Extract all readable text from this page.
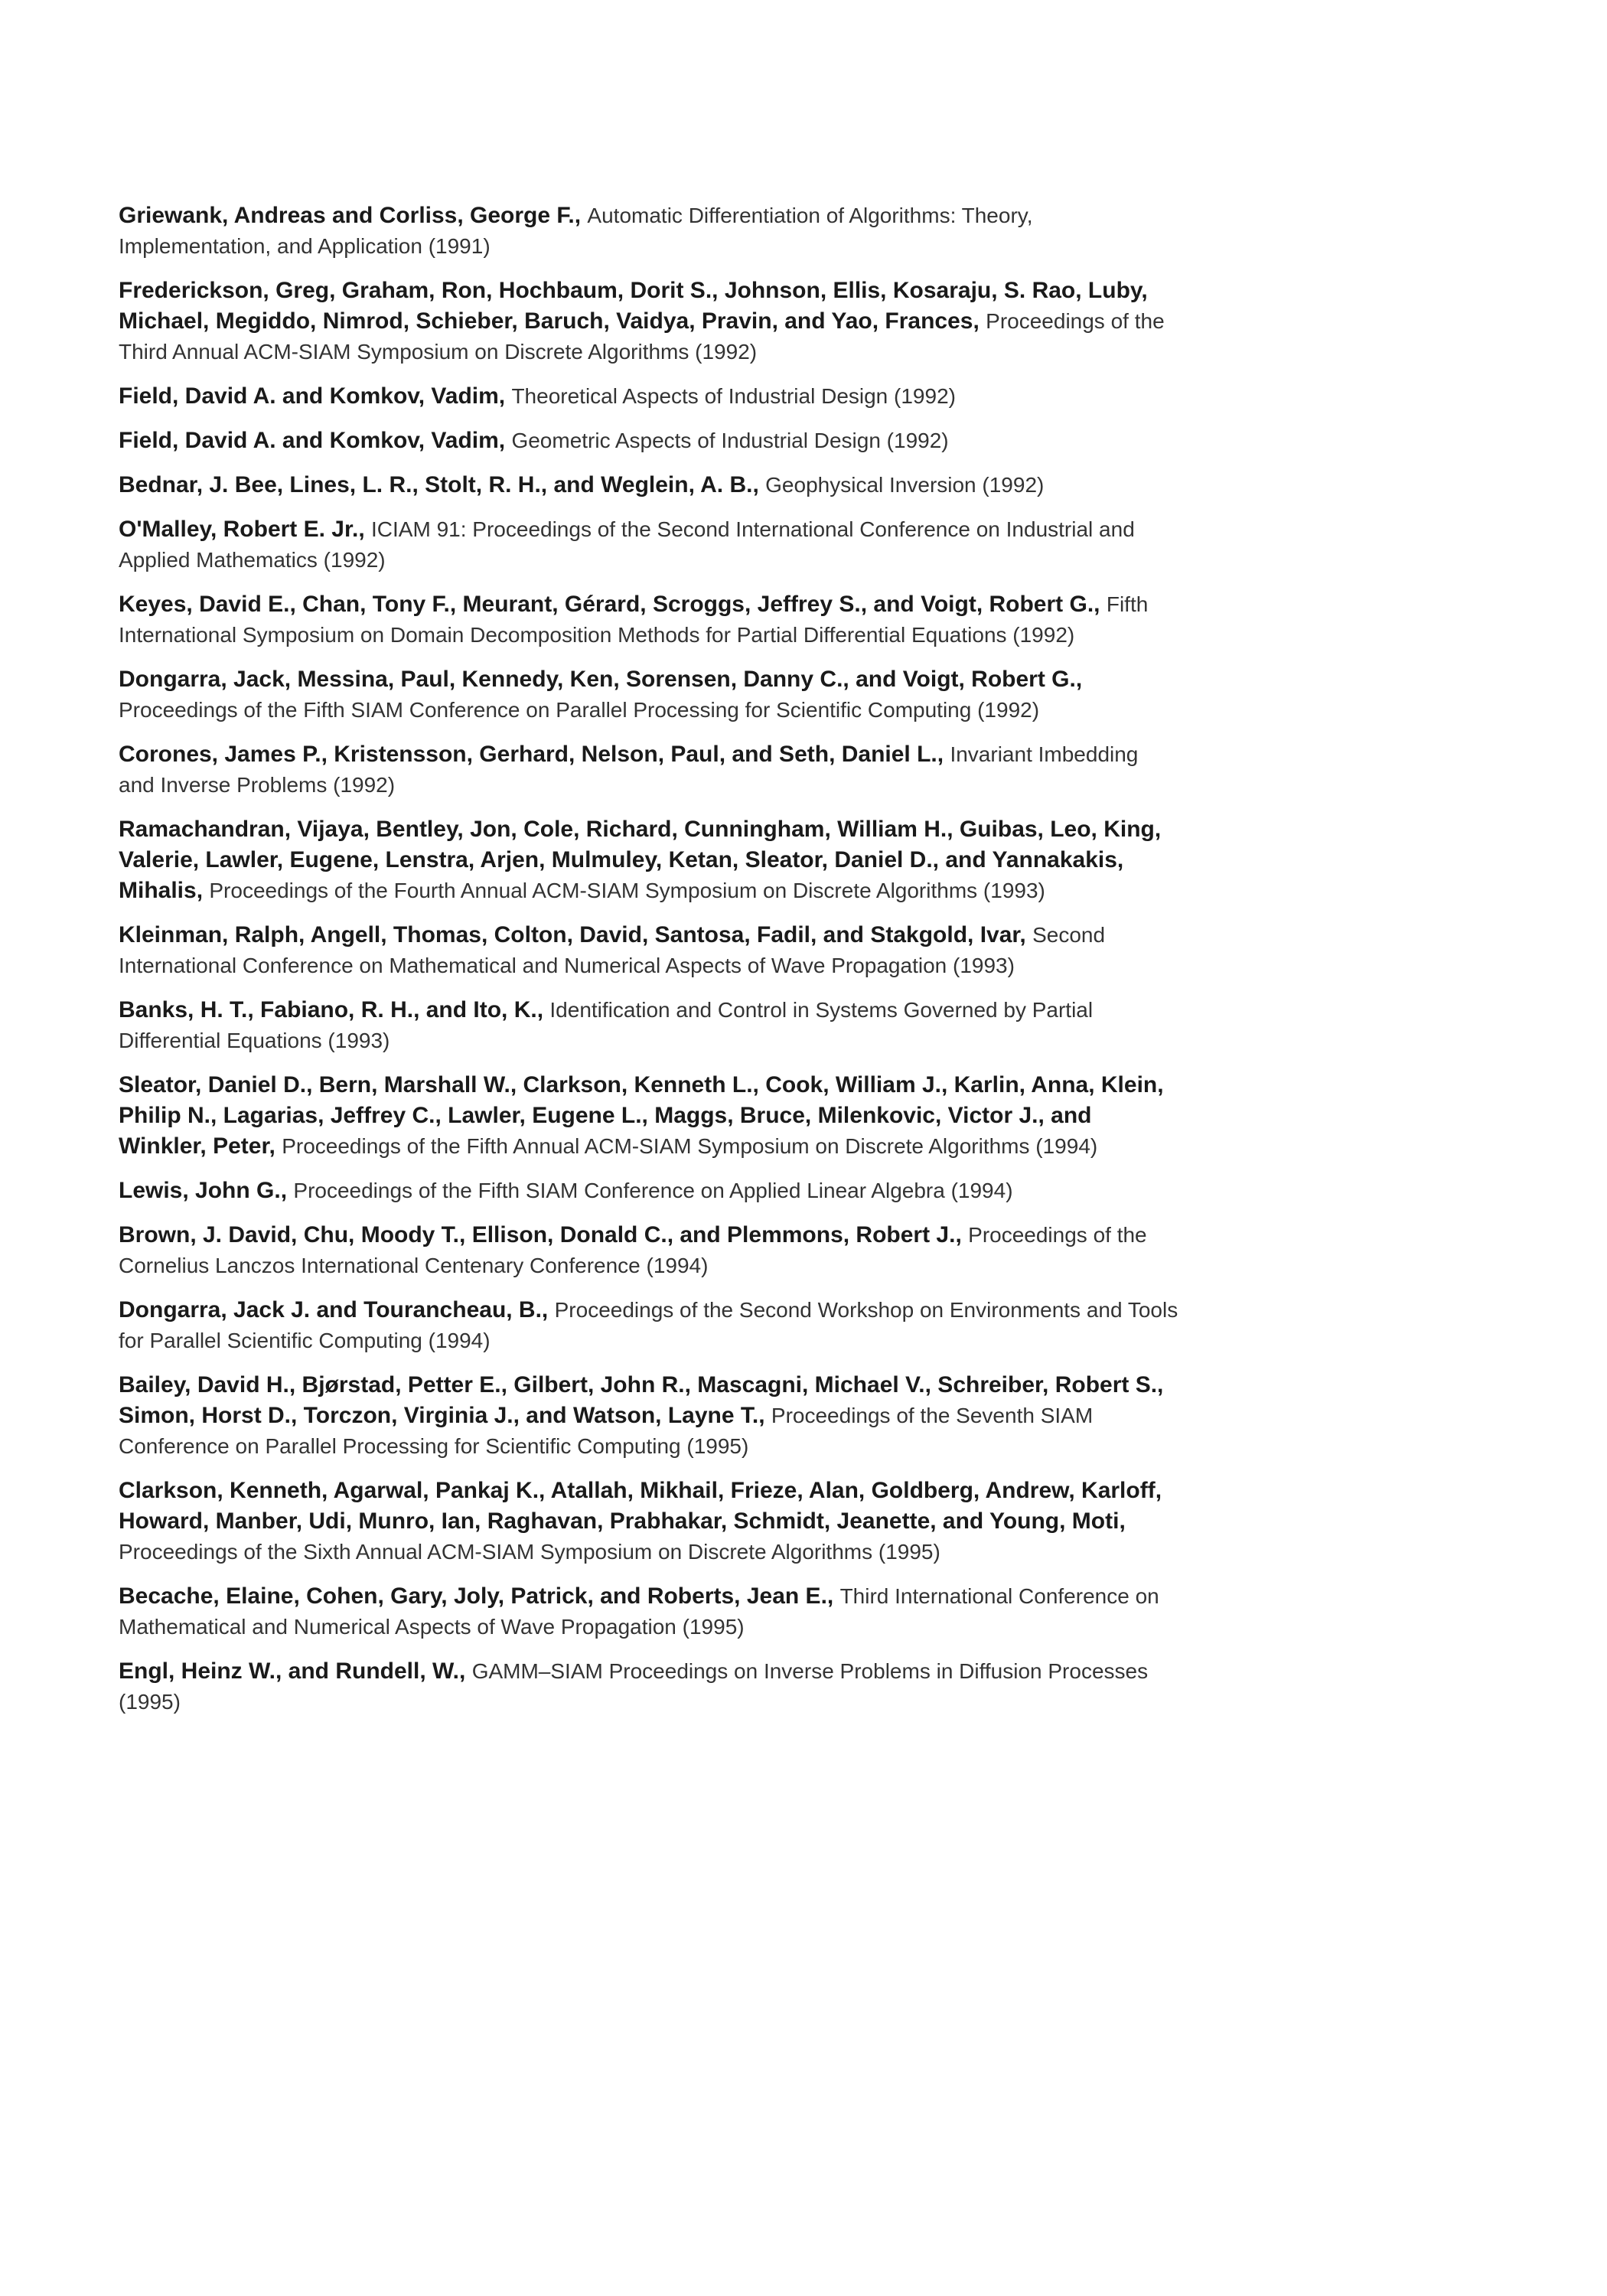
Griewank, Andreas and Corliss, George F., Automatic Differentiation of Algorithms: Theory, Implementation, and Application (1991)

Frederickson, Greg, Graham, Ron, Hochbaum, Dorit S., Johnson, Ellis, Kosaraju, S. Rao, Luby, Michael, Megiddo, Nimrod, Schieber, Baruch, Vaidya, Pravin, and Yao, Frances, Proceedings of the Third Annual ACM-SIAM Symposium on Discrete Algorithms (1992)

Field, David A. and Komkov, Vadim, Theoretical Aspects of Industrial Design (1992)

Field, David A. and Komkov, Vadim, Geometric Aspects of Industrial Design (1992)

Bednar, J. Bee, Lines, L. R., Stolt, R. H., and Weglein, A. B., Geophysical Inversion (1992)

O'Malley, Robert E. Jr., ICIAM 91: Proceedings of the Second International Conference on Industrial and Applied Mathematics (1992)

Keyes, David E., Chan, Tony F., Meurant, Gérard, Scroggs, Jeffrey S., and Voigt, Robert G., Fifth International Symposium on Domain Decomposition Methods for Partial Differential Equations (1992)

Dongarra, Jack, Messina, Paul, Kennedy, Ken, Sorensen, Danny C., and Voigt, Robert G., Proceedings of the Fifth SIAM Conference on Parallel Processing for Scientific Computing (1992)

Corones, James P., Kristensson, Gerhard, Nelson, Paul, and Seth, Daniel L., Invariant Imbedding and Inverse Problems (1992)

Ramachandran, Vijaya, Bentley, Jon, Cole, Richard, Cunningham, William H., Guibas, Leo, King, Valerie, Lawler, Eugene, Lenstra, Arjen, Mulmuley, Ketan, Sleator, Daniel D., and Yannakakis, Mihalis, Proceedings of the Fourth Annual ACM-SIAM Symposium on Discrete Algorithms (1993)

Kleinman, Ralph, Angell, Thomas, Colton, David, Santosa, Fadil, and Stakgold, Ivar, Second International Conference on Mathematical and Numerical Aspects of Wave Propagation (1993)

Banks, H. T., Fabiano, R. H., and Ito, K., Identification and Control in Systems Governed by Partial Differential Equations (1993)

Sleator, Daniel D., Bern, Marshall W., Clarkson, Kenneth L., Cook, William J., Karlin, Anna, Klein, Philip N., Lagarias, Jeffrey C., Lawler, Eugene L., Maggs, Bruce, Milenkovic, Victor J., and Winkler, Peter, Proceedings of the Fifth Annual ACM-SIAM Symposium on Discrete Algorithms (1994)

Lewis, John G., Proceedings of the Fifth SIAM Conference on Applied Linear Algebra (1994)

Brown, J. David, Chu, Moody T., Ellison, Donald C., and Plemmons, Robert J., Proceedings of the Cornelius Lanczos International Centenary Conference (1994)

Dongarra, Jack J. and Tourancheau, B., Proceedings of the Second Workshop on Environments and Tools for Parallel Scientific Computing (1994)

Bailey, David H., Bjørstad, Petter E., Gilbert, John R., Mascagni, Michael V., Schreiber, Robert S., Simon, Horst D., Torczon, Virginia J., and Watson, Layne T., Proceedings of the Seventh SIAM Conference on Parallel Processing for Scientific Computing (1995)

Clarkson, Kenneth, Agarwal, Pankaj K., Atallah, Mikhail, Frieze, Alan, Goldberg, Andrew, Karloff, Howard, Manber, Udi, Munro, Ian, Raghavan, Prabhakar, Schmidt, Jeanette, and Young, Moti, Proceedings of the Sixth Annual ACM-SIAM Symposium on Discrete Algorithms (1995)

Becache, Elaine, Cohen, Gary, Joly, Patrick, and Roberts, Jean E., Third International Conference on Mathematical and Numerical Aspects of Wave Propagation (1995)

Engl, Heinz W., and Rundell, W., GAMM–SIAM Proceedings on Inverse Problems in Diffusion Processes (1995)
